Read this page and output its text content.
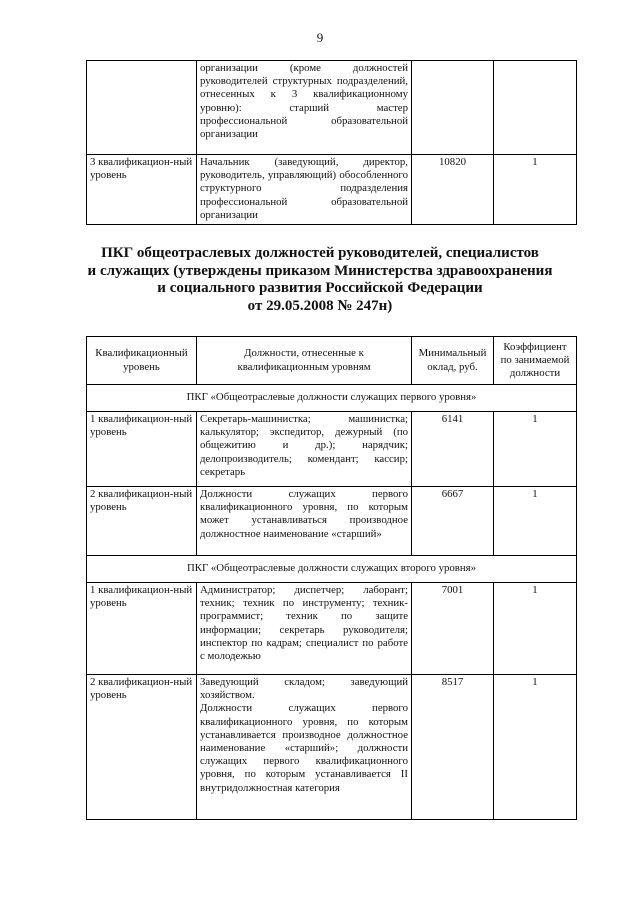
9
	организации (кроме должностей руководителей структурных подразделений, отнесенных к 3 квалификационному уровню): старший мастер профессиональной образовательной организации		
3 квалификацион-ный уровень	Начальник (заведующий, директор, руководитель, управляющий) обособленного структурного подразделения профессиональной образовательной организации	10820	1
ПКГ общеотраслевых должностей руководителей, специалистов
и служащих (утверждены приказом Министерства здравоохранения
и социального развития Российской Федерации
от 29.05.2008 № 247н)
Квалификационный уровень	Должности, отнесенные к квалификационным уровням	Минимальный оклад, руб.	Коэффициент по занимаемой должности
ПКГ «Общеотраслевые должности служащих первого уровня»			
1 квалификацион-ный уровень	Секретарь-машинистка; машинистка; калькулятор; экспедитор, дежурный (по общежитию и др.); нарядчик; делопроизводитель; комендант; кассир; секретарь	6141	1
2 квалификацион-ный уровень	Должности служащих первого квалификационного уровня, по которым может устанавливаться производное должностное наименование «старший»	6667	1
ПКГ «Общеотраслевые должности служащих второго уровня»			
1 квалификацион-ный уровень	Администратор; диспетчер; лаборант; техник; техник по инструменту; техник-программист; техник по защите информации; секретарь руководителя; инспектор по кадрам; специалист по работе с молодежью	7001	1
2 квалификацион-ный уровень	Заведующий складом; заведующий хозяйством.
Должности служащих первого квалификационного уровня, по которым устанавливается производное должностное наименование «старший»; должности служащих первого квалификационного уровня, по которым устанавливается II внутридолжностная категория	8517	1
